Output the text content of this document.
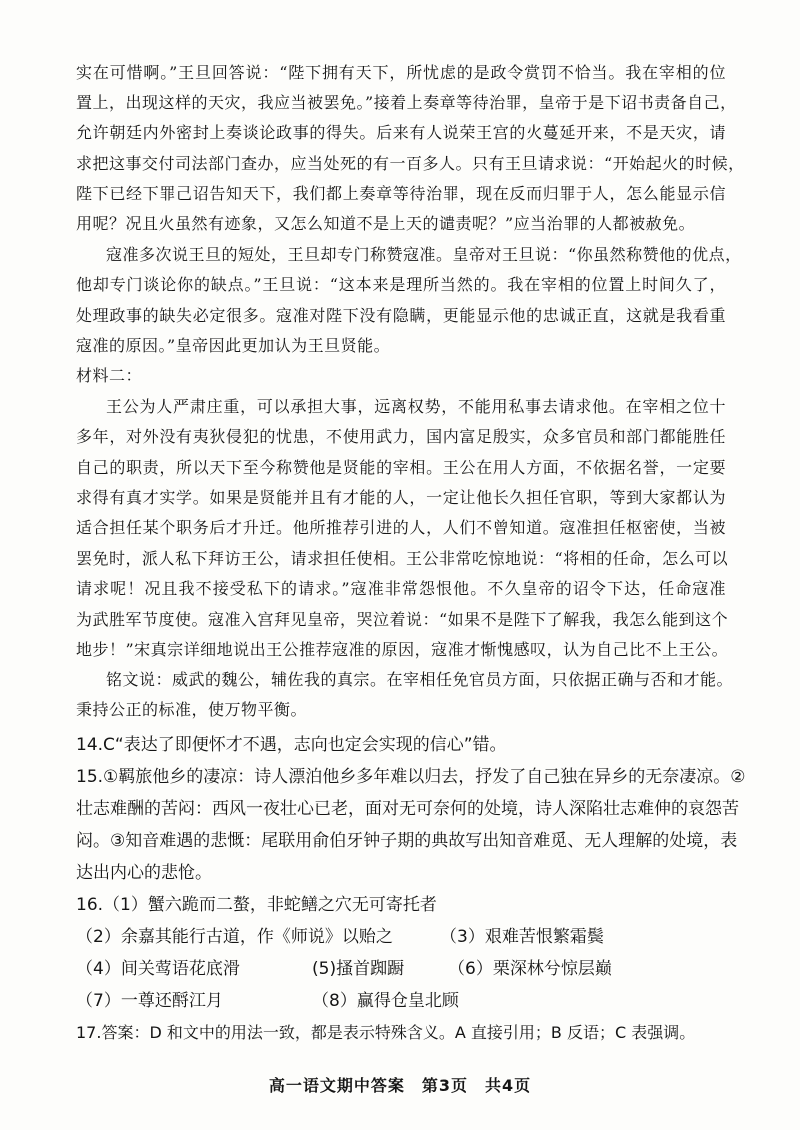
实在可惜啊。”王旦回答说：“陛下拥有天下，所忧虑的是政令赏罚不恰当。我在宰相的位
置上，出现这样的天灾，我应当被罢免。”接着上奏章等待治罪，皇帝于是下诏书责备自己，
允许朝廷内外密封上奏谈论政事的得失。后来有人说荣王宫的火蔓延开来，不是天灾，请
求把这事交付司法部门查办，应当处死的有一百多人。只有王旦请求说：“开始起火的时候，
陛下已经下罪己诏告知天下，我们都上奏章等待治罪，现在反而归罪于人，怎么能显示信
用呢？况且火虽然有迹象，又怎么知道不是上天的谴责呢？”应当治罪的人都被赦免。
寇准多次说王旦的短处，王旦却专门称赞寇准。皇帝对王旦说：“你虽然称赞他的优点，
他却专门谈论你的缺点。”王旦说：“这本来是理所当然的。我在宰相的位置上时间久了，
处理政事的缺失必定很多。寇准对陛下没有隐瞒，更能显示他的忠诚正直，这就是我看重
寇准的原因。”皇帝因此更加认为王旦贤能。
材料二：
王公为人严肃庄重，可以承担大事，远离权势，不能用私事去请求他。在宰相之位十
多年，对外没有夷狄侵犯的忧患，不使用武力，国内富足殷实，众多官员和部门都能胜任
自己的职责，所以天下至今称赞他是贤能的宰相。王公在用人方面，不依据名誉，一定要
求得有真才实学。如果是贤能并且有才能的人，一定让他长久担任官职，等到大家都认为
适合担任某个职务后才升迁。他所推荐引进的人，人们不曾知道。寇准担任枢密使，当被
罢免时，派人私下拜访王公，请求担任使相。王公非常吃惊地说：“将相的任命，怎么可以
请求呢！况且我不接受私下的请求。”寇准非常怨恨他。不久皇帝的诏令下达，任命寇准
为武胜军节度使。寇准入宫拜见皇帝，哭泣着说：“如果不是陛下了解我，我怎么能到这个
地步！”宋真宗详细地说出王公推荐寇准的原因，寇准才惭愧感叹，认为自己比不上王公。
铭文说：威武的魏公，辅佐我的真宗。在宰相任免官员方面，只依据正确与否和才能。
秉持公正的标准，使万物平衡。
14.C“表达了即便怀才不遇，志向也定会实现的信心”错。
15.①羁旅他乡的凄凉：诗人漂泊他乡多年难以归去，抒发了自己独在异乡的无奈凄凉。②
壮志难酬的苦闷：西风一夜壮心已老，面对无可奈何的处境，诗人深陷壮志难伸的哀怨苦
闷。③知音难遇的悲慨：尾联用俞伯牙钟子期的典故写出知音难觅、无人理解的处境，表
达出内心的悲怆。
16.（1）蟹六跪而二螯，非蛇鳝之穴无可寄托者
（2）余嘉其能行古道，作《师说》以贻之	（3）艰难苦恨繁霜鬓
（4）间关莺语花底滑	(5)搔首踟蹰	（6）栗深林兮惊层巅
（7）一尊还酹江月	（8）赢得仓皇北顾
17.答案：D 和文中的用法一致，都是表示特殊含义。A 直接引用；B 反语；C 表强调。
高一语文期中答案　第3页　共4页
